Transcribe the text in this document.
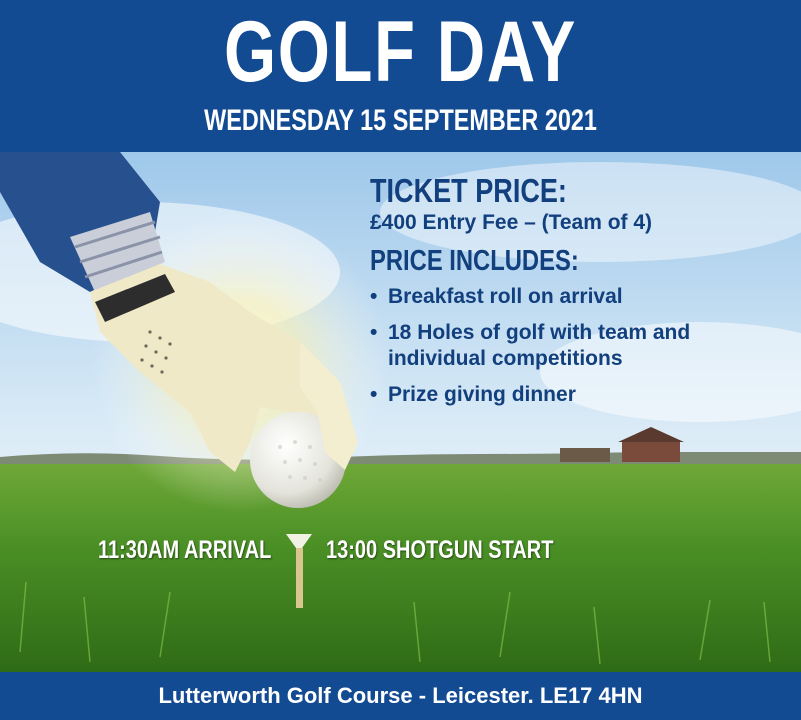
GOLF DAY
WEDNESDAY 15 SEPTEMBER 2021
TICKET PRICE:
£400 Entry Fee – (Team of 4)
PRICE INCLUDES:
• Breakfast roll on arrival
• 18 Holes of golf with team and individual competitions
• Prize giving dinner
11:30AM ARRIVAL 13:00 SHOTGUN START
Lutterworth Golf Course - Leicester. LE17 4HN
